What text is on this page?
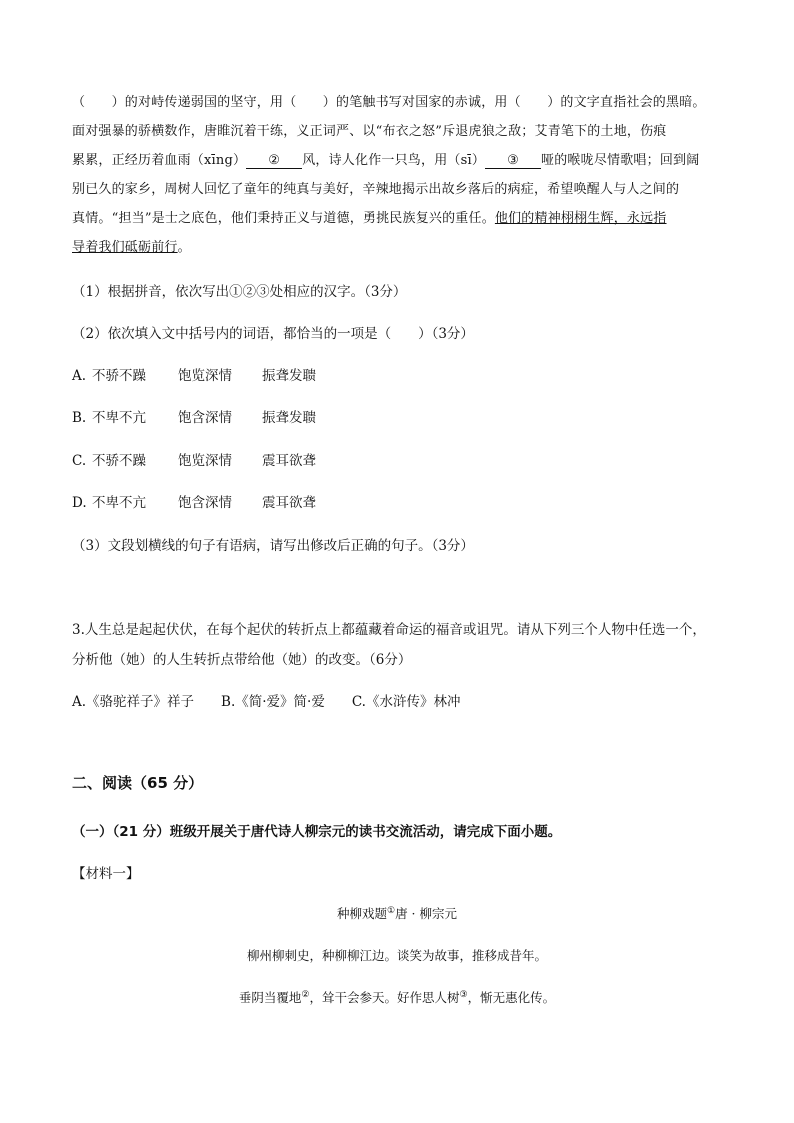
（　　）的对峙传递弱国的坚守，用（　　）的笔触书写对国家的赤诚，用（　　）的文字直指社会的黑暗。
面对强暴的骄横数作，唐睢沉着干练，义正词严、以“布衣之怒”斥退虎狼之敌；艾青笔下的土地，伤痕
累累，正经历着血雨（xīng） ② 风，诗人化作一只鸟，用（sī） ③ 哑的喉咙尽情歌唱；回到阔
别已久的家乡，周树人回忆了童年的纯真与美好，辛辣地揭示出故乡落后的病症，希望唤醒人与人之间的
真情。“担当”是士之底色，他们秉持正义与道德，勇挑民族复兴的重任。他们的精神栩栩生辉，永远指
导着我们砥砺前行。
（1）根据拼音，依次写出①②③处相应的汉字。（3分）
（2）依次填入文中括号内的词语，都恰当的一项是（　　）（3分）
A. 不骄不躁 饱览深情 振聋发聩
B. 不卑不亢 饱含深情 振聋发聩
C. 不骄不躁 饱览深情 震耳欲聋
D. 不卑不亢 饱含深情 震耳欲聋
（3）文段划横线的句子有语病，请写出修改后正确的句子。（3分）
3.人生总是起起伏伏，在每个起伏的转折点上都蕴藏着命运的福音或诅咒。请从下列三个人物中任选一个，
分析他（她）的人生转折点带给他（她）的改变。（6分）
A.《骆驼祥子》祥子　　B.《简·爱》简·爱　　C.《水浒传》林冲
二、阅读（65 分）
（一）（21 分）班级开展关于唐代诗人柳宗元的读书交流活动，请完成下面小题。
【材料一】
种柳戏题①唐 · 柳宗元
柳州柳刺史，种柳柳江边。谈笑为故事，推移成昔年。
垂阴当覆地②，耸干会参天。好作思人树③，惭无惠化传。
